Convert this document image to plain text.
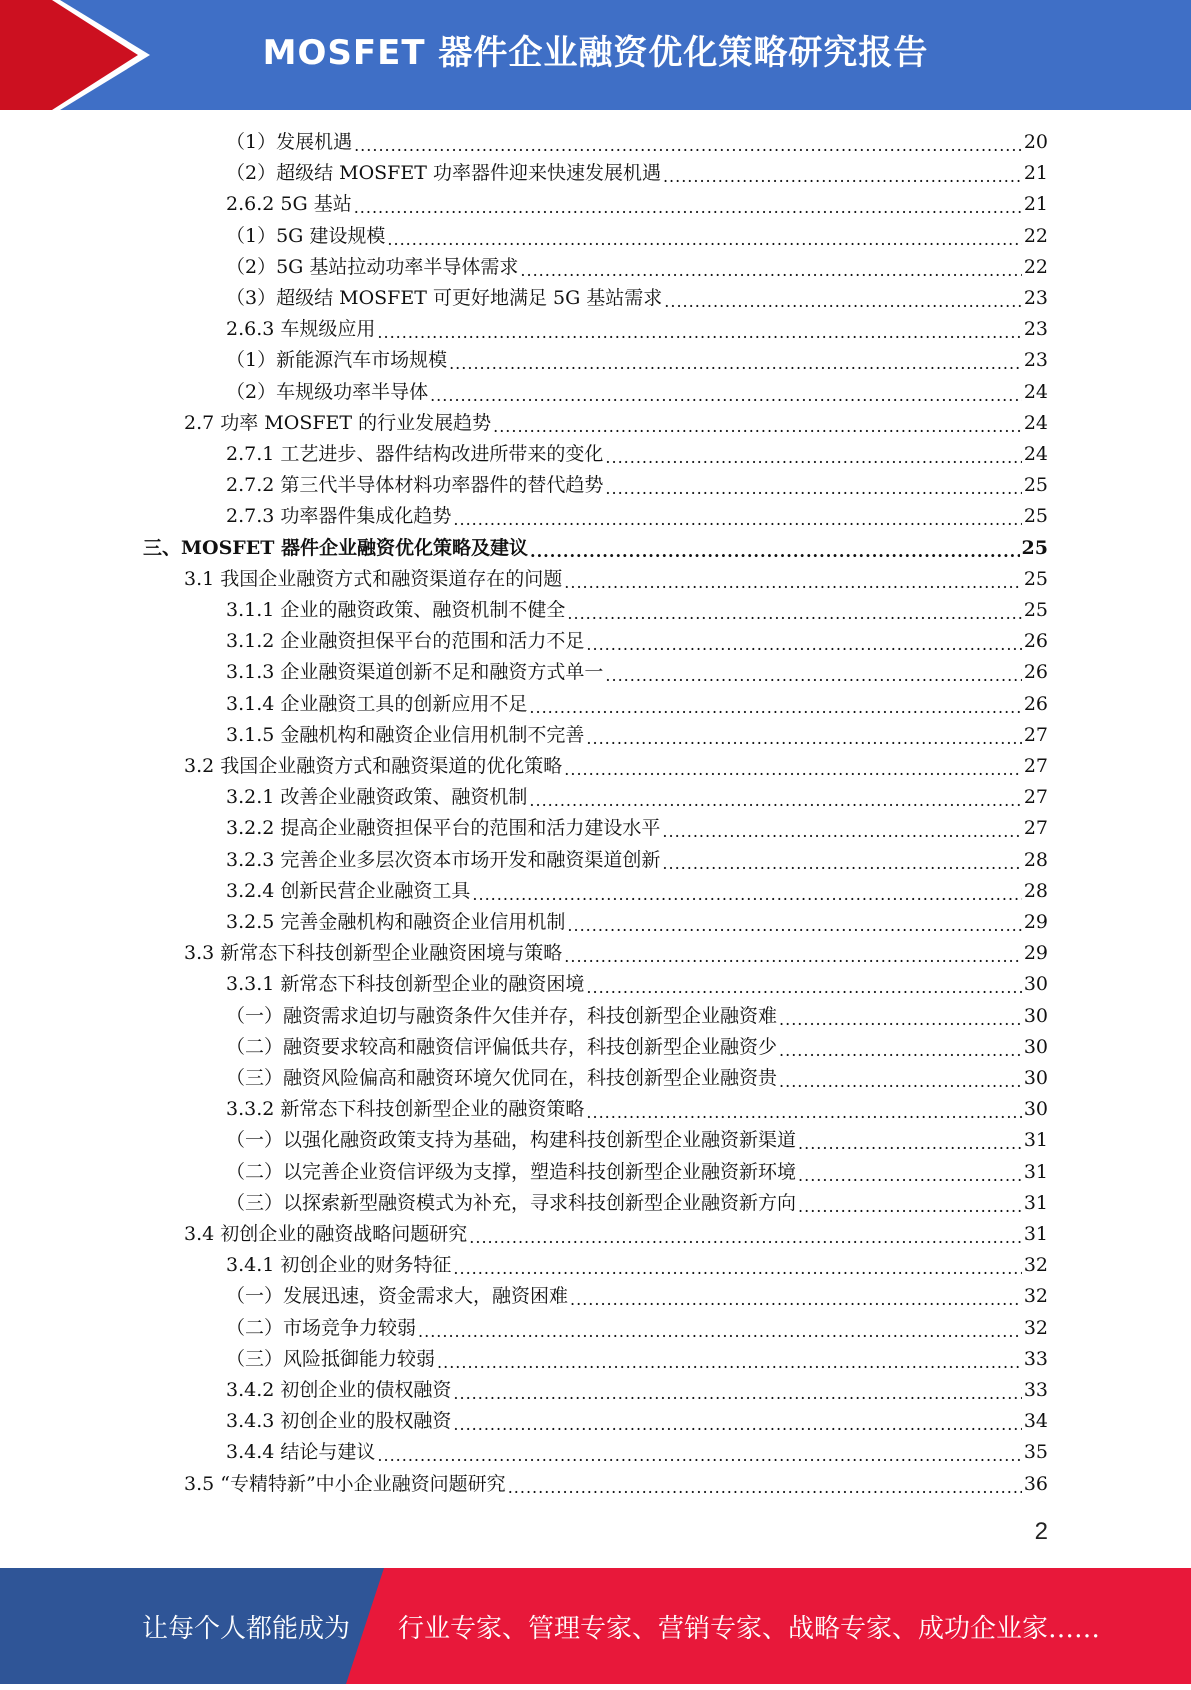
MOSFET 器件企业融资优化策略研究报告
（1）发展机遇 .....	20
（2）超级结 MOSFET 功率器件迎来快速发展机遇 .....	21
2.6.2 5G 基站 .....	21
（1）5G 建设规模 .....	22
（2）5G 基站拉动功率半导体需求 .....	22
（3）超级结 MOSFET 可更好地满足 5G 基站需求 .....	23
2.6.3 车规级应用 .....	23
（1）新能源汽车市场规模 .....	23
（2）车规级功率半导体 .....	24
2.7 功率 MOSFET 的行业发展趋势 .....	24
2.7.1 工艺进步、器件结构改进所带来的变化 .....	24
2.7.2 第三代半导体材料功率器件的替代趋势 .....	25
2.7.3 功率器件集成化趋势 .....	25
三、MOSFET 器件企业融资优化策略及建议 .....	25
3.1 我国企业融资方式和融资渠道存在的问题 .....	25
3.1.1 企业的融资政策、融资机制不健全 .....	25
3.1.2 企业融资担保平台的范围和活力不足 .....	26
3.1.3 企业融资渠道创新不足和融资方式单一 .....	26
3.1.4 企业融资工具的创新应用不足 .....	26
3.1.5 金融机构和融资企业信用机制不完善 .....	27
3.2 我国企业融资方式和融资渠道的优化策略 .....	27
3.2.1 改善企业融资政策、融资机制 .....	27
3.2.2 提高企业融资担保平台的范围和活力建设水平 .....	27
3.2.3 完善企业多层次资本市场开发和融资渠道创新 .....	28
3.2.4 创新民营企业融资工具 .....	28
3.2.5 完善金融机构和融资企业信用机制 .....	29
3.3 新常态下科技创新型企业融资困境与策略 .....	29
3.3.1 新常态下科技创新型企业的融资困境 .....	30
（一）融资需求迫切与融资条件欠佳并存，科技创新型企业融资难 .....	30
（二）融资要求较高和融资信评偏低共存，科技创新型企业融资少 .....	30
（三）融资风险偏高和融资环境欠优同在，科技创新型企业融资贵 .....	30
3.3.2 新常态下科技创新型企业的融资策略 .....	30
（一）以强化融资政策支持为基础，构建科技创新型企业融资新渠道 .....	31
（二）以完善企业资信评级为支撑，塑造科技创新型企业融资新环境 .....	31
（三）以探索新型融资模式为补充，寻求科技创新型企业融资新方向 .....	31
3.4 初创企业的融资战略问题研究 .....	31
3.4.1 初创企业的财务特征 .....	32
（一）发展迅速，资金需求大，融资困难 .....	32
（二）市场竞争力较弱 .....	32
（三）风险抵御能力较弱 .....	33
3.4.2 初创企业的债权融资 .....	33
3.4.3 初创企业的股权融资 .....	34
3.4.4 结论与建议 .....	35
3.5 “专精特新”中小企业融资问题研究 .....	36
2
让每个人都能成为 行业专家、管理专家、营销专家、战略专家、成功企业家……
